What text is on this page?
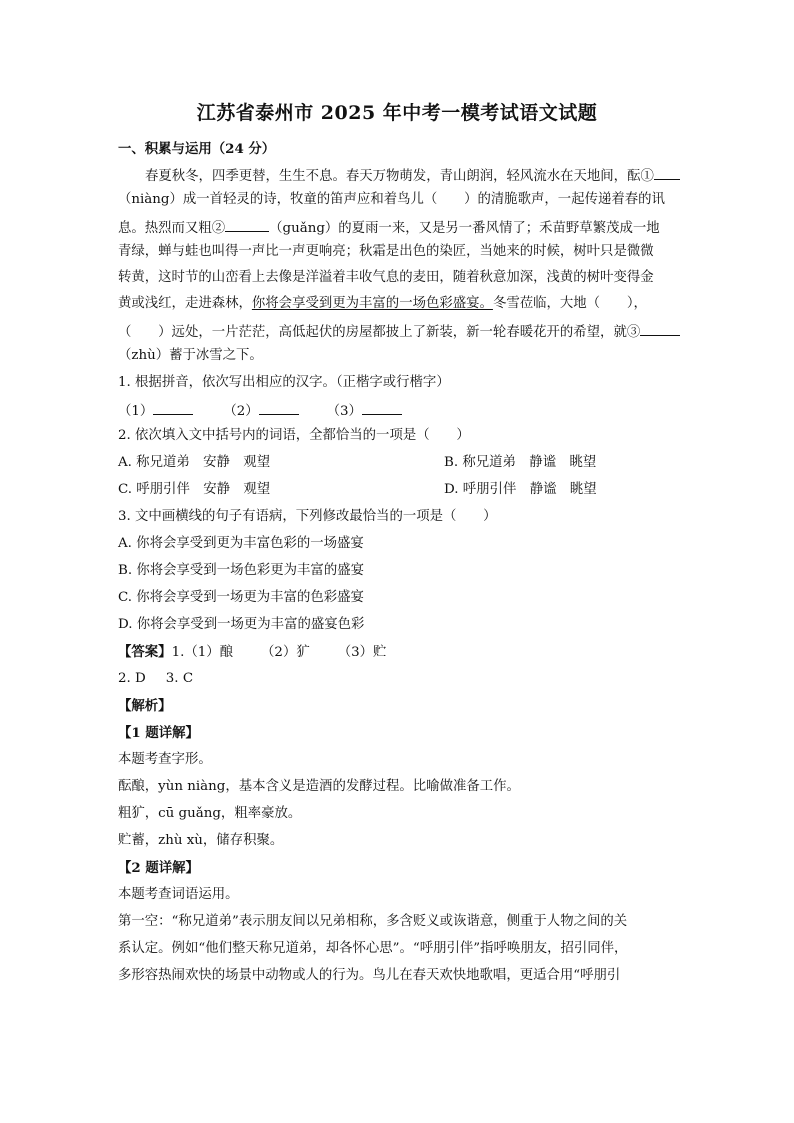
江苏省泰州市 2025 年中考一模考试语文试题

一、积累与运用（24 分）

春夏秋冬，四季更替，生生不息。春天万物萌发，青山朗润，轻风流水在天地间，酝①

（niàng）成一首轻灵的诗，牧童的笛声应和着鸟儿（　　）的清脆歌声，一起传递着春的讯

息。热烈而又粗②	（guǎng）的夏雨一来，又是另一番风情了；禾苗野草繁茂成一地

青绿，蝉与蛙也叫得一声比一声更响亮；秋霜是出色的染匠，当她来的时候，树叶只是微微

转黄，这时节的山峦看上去像是洋溢着丰收气息的麦田，随着秋意加深，浅黄的树叶变得金

黄或浅红，走进森林，你将会享受到更为丰富的一场色彩盛宴。冬雪莅临，大地（　　），

（　　）远处，一片茫茫，高低起伏的房屋都披上了新装，新一轮春暖花开的希望，就③

（zhù）蓄于冰雪之下。

1. 根据拼音，依次写出相应的汉字。（正楷字或行楷字）

（1）	（2）	（3）

2. 依次填入文中括号内的词语，全都恰当的一项是（　　）

A. 称兄道弟　安静　观望	B. 称兄道弟　静谧　眺望

C. 呼朋引伴　安静　观望	D. 呼朋引伴　静谧　眺望

3. 文中画横线的句子有语病，下列修改最恰当的一项是（　　）

A. 你将会享受到更为丰富色彩的一场盛宴

B. 你将会享受到一场色彩更为丰富的盛宴

C. 你将会享受到一场更为丰富的色彩盛宴

D. 你将会享受到一场更为丰富的盛宴色彩

【答案】1.（1）酿 （2）犷 （3）贮

2. D 3. C

【解析】

【1 题详解】

本题考查字形。

酝酿，yùn niàng，基本含义是造酒的发酵过程。比喻做准备工作。

粗犷，cū guǎng，粗率豪放。

贮蓄，zhù xù，储存积聚。

【2 题详解】

本题考查词语运用。

第一空：“称兄道弟”表示朋友间以兄弟相称，多含贬义或诙谐意，侧重于人物之间的关

系认定。例如“他们整天称兄道弟，却各怀心思”。“呼朋引伴”指呼唤朋友，招引同伴，

多形容热闹欢快的场景中动物或人的行为。鸟儿在春天欢快地歌唱，更适合用“呼朋引
